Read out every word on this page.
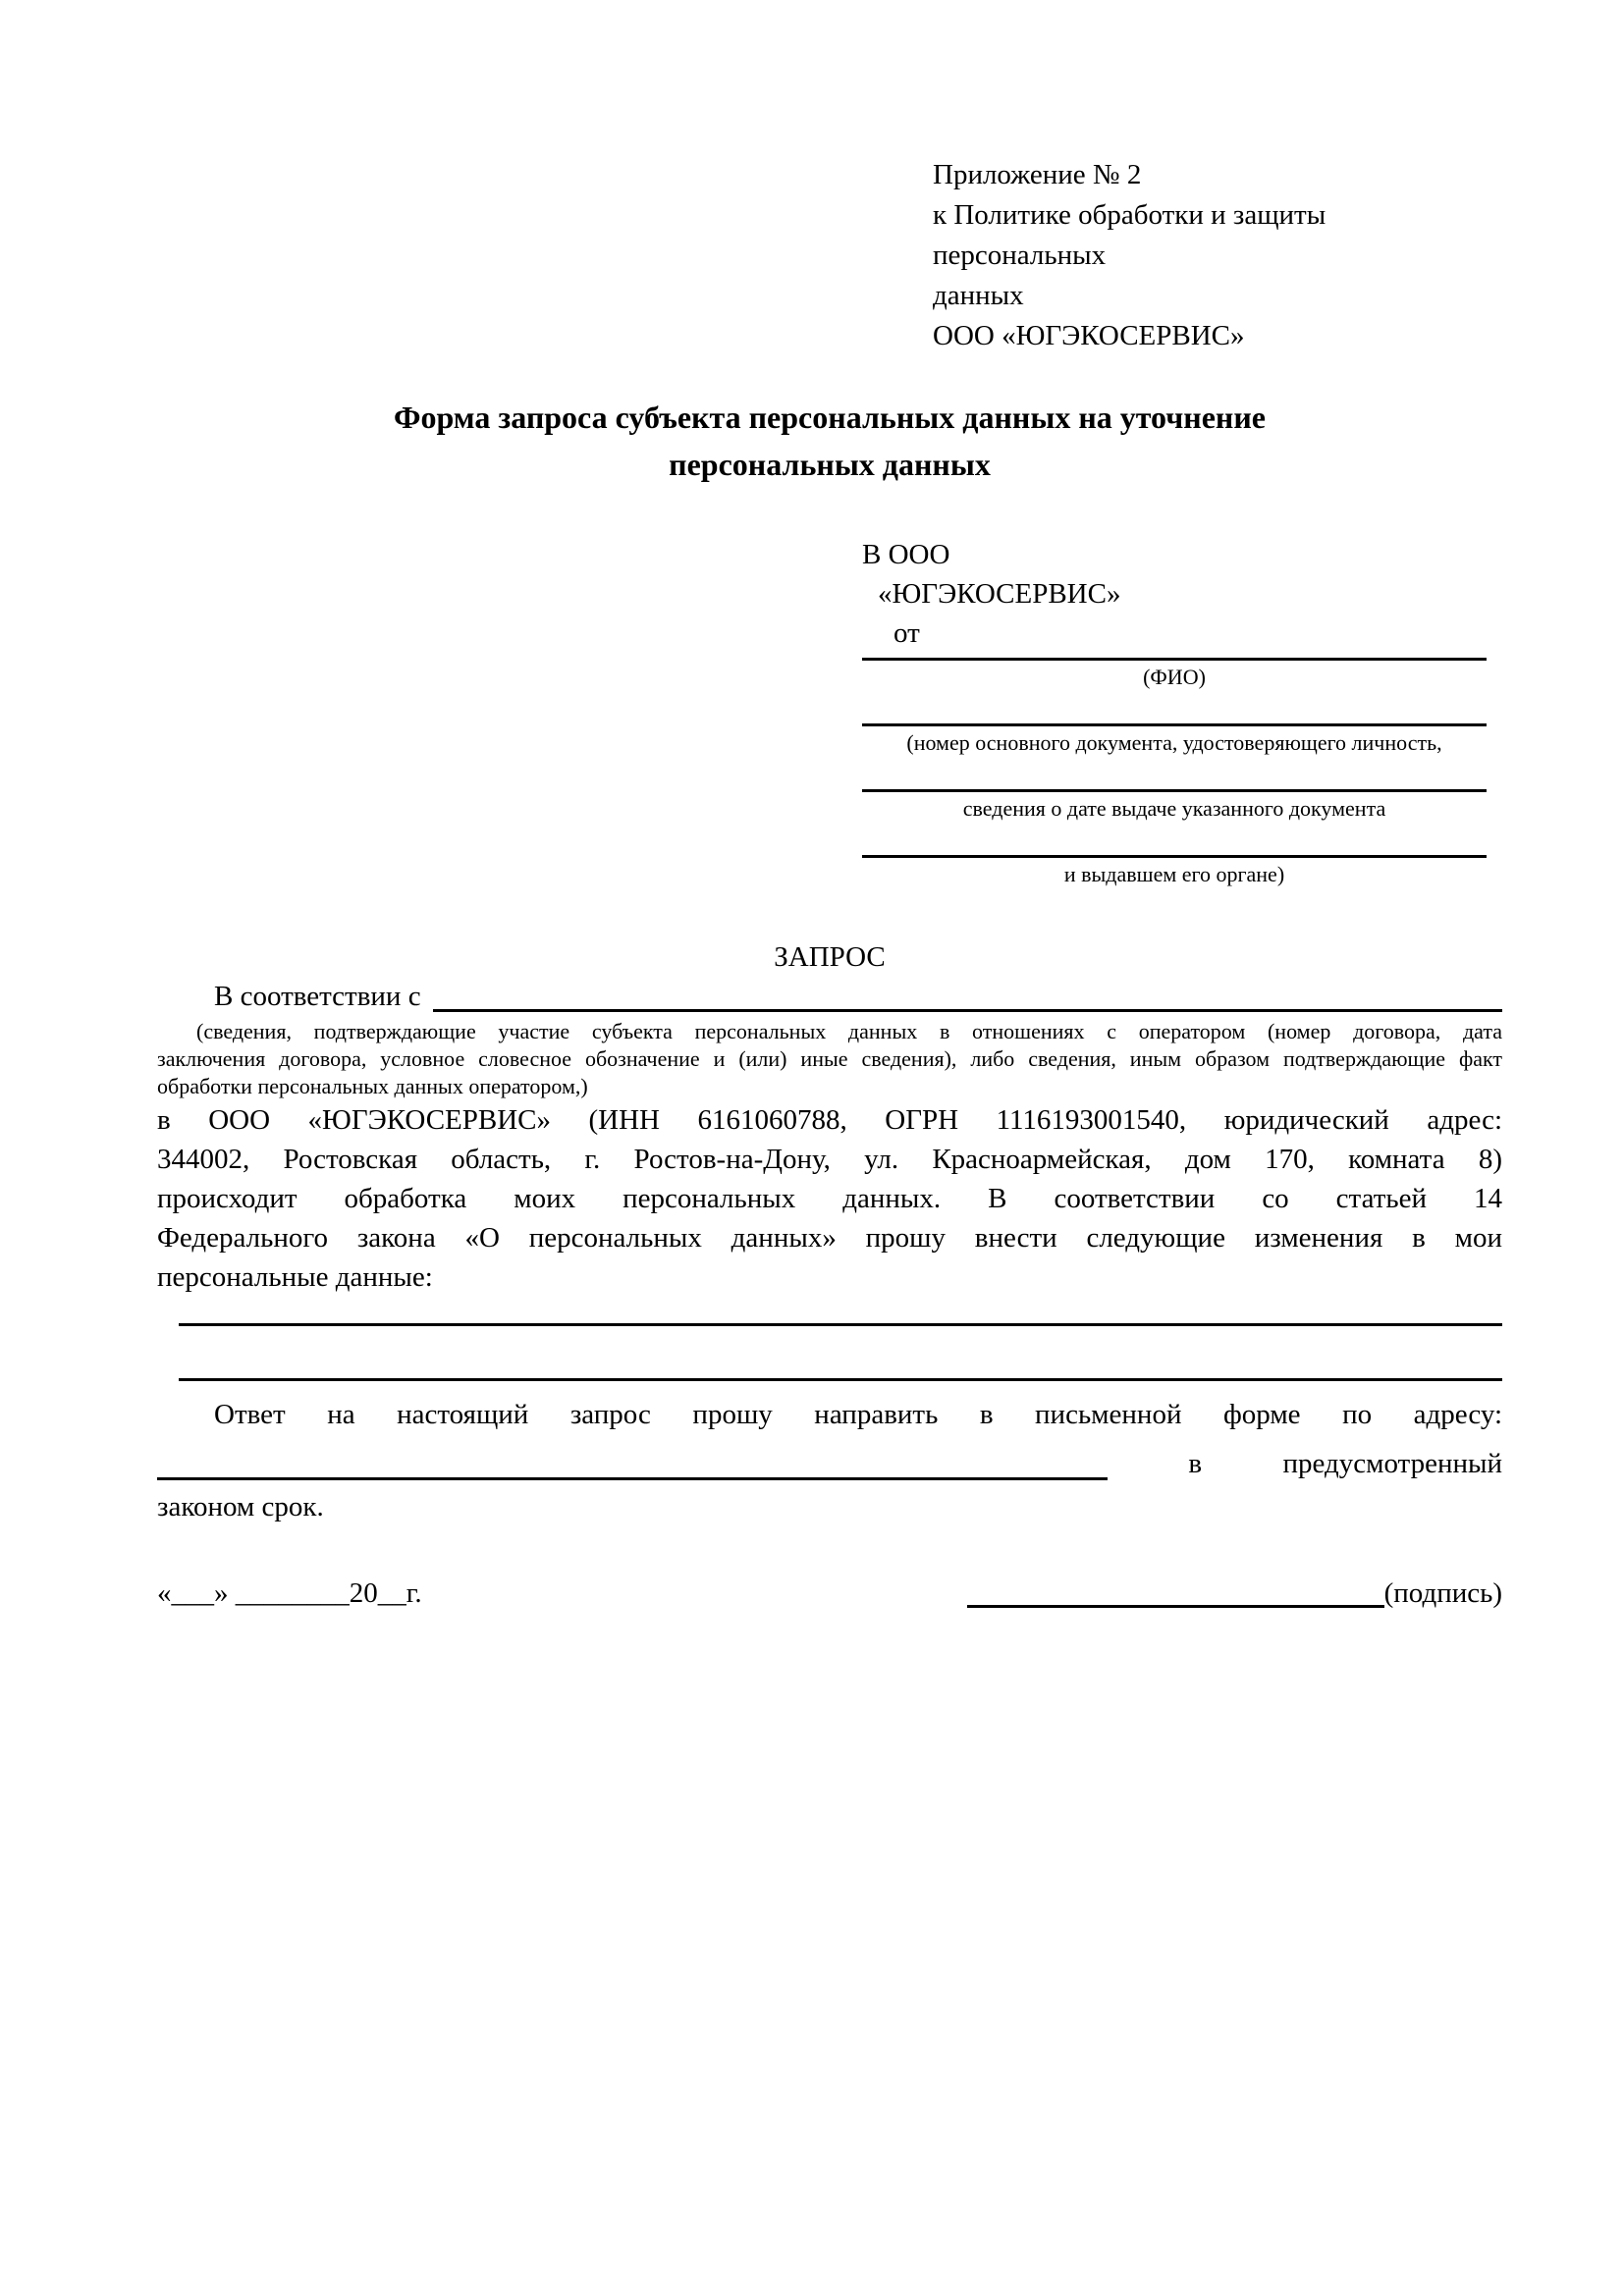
Приложение № 2
к Политике обработки и защиты персональных
данных
ООО «ЮГЭКОСЕРВИС»
Форма запроса субъекта персональных данных на уточнение
персональных данных
В ООО
«ЮГЭКОСЕРВИС»
от
(ФИО)
(номер основного документа, удостоверяющего личность,
сведения о дате выдаче указанного документа
и выдавшем его органе)
ЗАПРОС
В соответствии с
(сведения, подтверждающие участие субъекта персональных данных в отношениях с оператором (номер договора, дата
заключения договора, условное словесное обозначение и (или) иные сведения), либо сведения, иным образом подтверждающие факт
обработки персональных данных оператором,)
в ООО «ЮГЭКОСЕРВИС» (ИНН 6161060788, ОГРН 1116193001540, юридический адрес:
344002, Ростовская область, г. Ростов-на-Дону, ул. Красноармейская, дом 170, комната 8)
происходит обработка моих персональных данных. В соответствии со статьей 14
Федерального закона «О персональных данных» прошу внести следующие изменения в мои
персональные данные:
Ответ на настоящий запрос прошу направить в письменной форме по адресу:
в	предусмотренный
законом срок.
«___» ________20__г.	(подпись)
